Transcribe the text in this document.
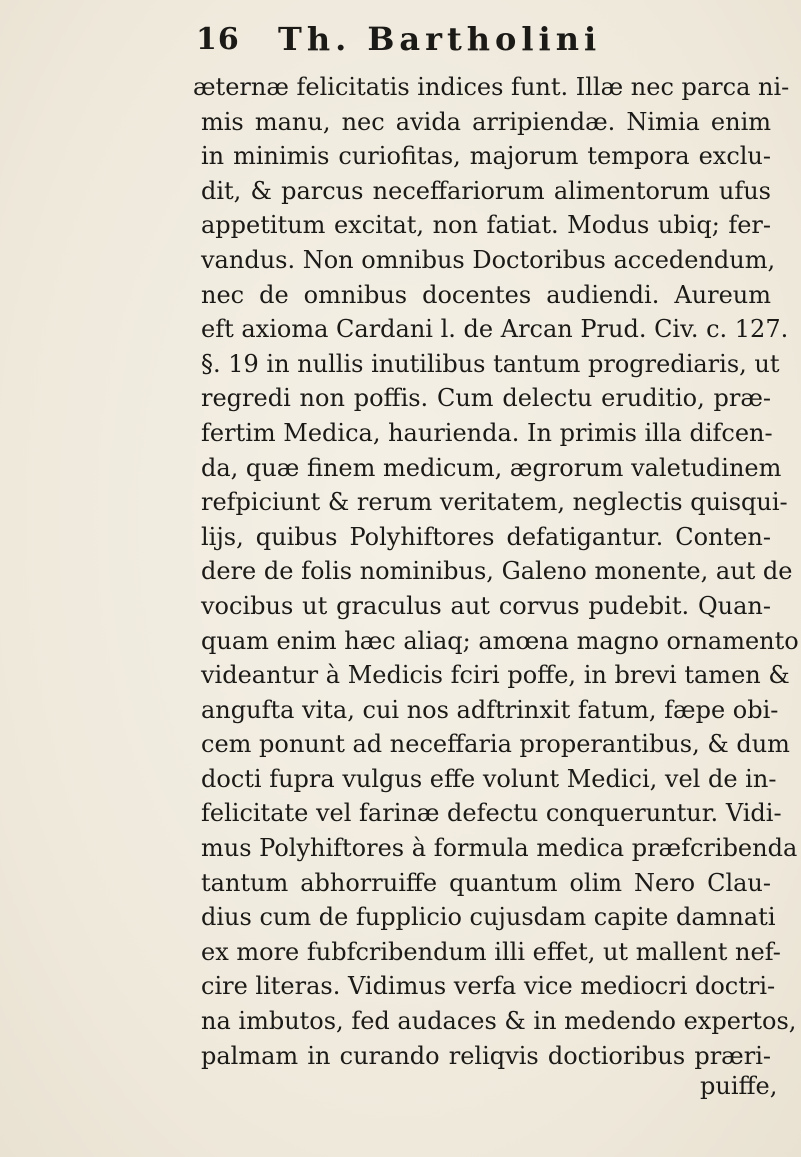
16 Th. Bartholini
æternæ felicitatis indices funt. Illæ nec parca ni-
mis manu, nec avida arripiendæ. Nimia enim
in minimis curiofitas, majorum tempora exclu-
dit, & parcus neceffariorum alimentorum ufus
appetitum excitat, non fatiat. Modus ubiq; fer-
vandus. Non omnibus Doctoribus accedendum,
nec de omnibus docentes audiendi. Aureum
eft axioma Cardani l. de Arcan Prud. Civ. c. 127.
§. 19 in nullis inutilibus tantum progrediaris, ut
regredi non poffis. Cum delectu eruditio, præ-
fertim Medica, haurienda. In primis illa difcen-
da, quæ finem medicum, ægrorum valetudinem
refpiciunt & rerum veritatem, neglectis quisqui-
lijs, quibus Polyhiftores defatigantur. Conten-
dere de folis nominibus, Galeno monente, aut de
vocibus ut graculus aut corvus pudebit. Quan-
quam enim hæc aliaq; amœna magno ornamento
videantur à Medicis fciri poffe, in brevi tamen &
angufta vita, cui nos adftrinxit fatum, fæpe obi-
cem ponunt ad neceffaria properantibus, & dum
docti fupra vulgus effe volunt Medici, vel de in-
felicitate vel farinæ defectu conqueruntur. Vidi-
mus Polyhiftores à formula medica præfcribenda
tantum abhorruiffe quantum olim Nero Clau-
dius cum de fupplicio cujusdam capite damnati
ex more fubfcribendum illi effet, ut mallent nef-
cire literas. Vidimus verfa vice mediocri doctri-
na imbutos, fed audaces & in medendo expertos,
palmam in curando reliqvis doctioribus præri-
puiffe,
